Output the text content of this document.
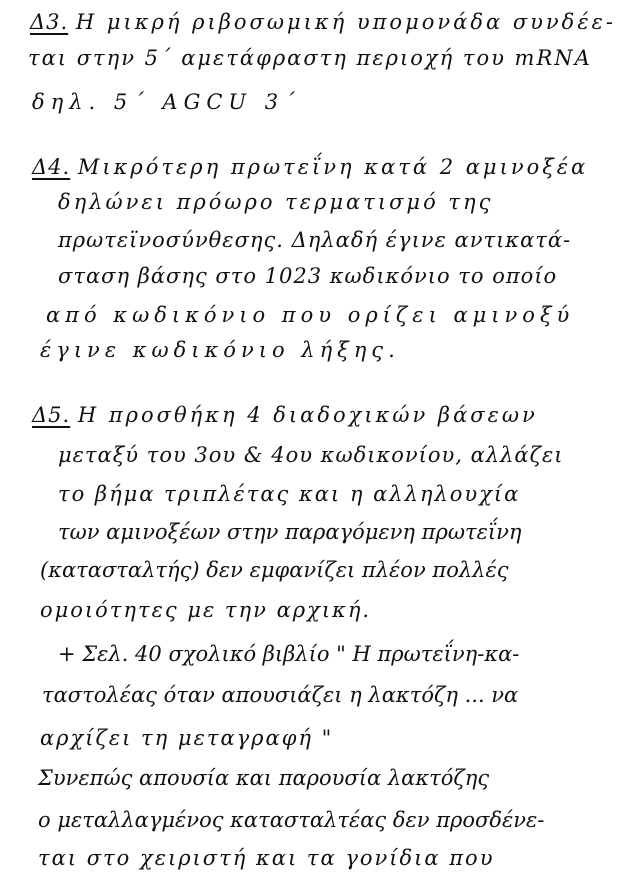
Δ3. Η μικρή ριβοσωμική υπομονάδα συνδέε-
ται στην 5΄ αμετάφραστη περιοχή του mRNA
δηλ. 5΄ AGCU 3΄
Δ4. Μικρότερη πρωτεΐνη κατά 2 αμινοξέα
δηλώνει πρόωρο τερματισμό της
πρωτεϊνοσύνθεσης. Δηλαδή έγινε αντικατά-
σταση βάσης στο 1023 κωδικόνιο το οποίο
από κωδικόνιο που ορίζει αμινοξύ
έγινε κωδικόνιο λήξης.
Δ5. Η προσθήκη 4 διαδοχικών βάσεων
μεταξύ του 3ου & 4ου κωδικονίου, αλλάζει
το βήμα τριπλέτας και η αλληλουχία
των αμινοξέων στην παραγόμενη πρωτεΐνη
(κατασταλτής) δεν εμφανίζει πλέον πολλές
ομοιότητες με την αρχική.
+ Σελ. 40 σχολικό βιβλίο " Η πρωτεΐνη-κα-
ταστολέας όταν απουσιάζει η λακτόζη ... να
αρχίζει τη μεταγραφή "
Συνεπώς απουσία και παρουσία λακτόζης
ο μεταλλαγμένος κατασταλτέας δεν προσδένε-
ται στο χειριστή και τα γονίδια που
